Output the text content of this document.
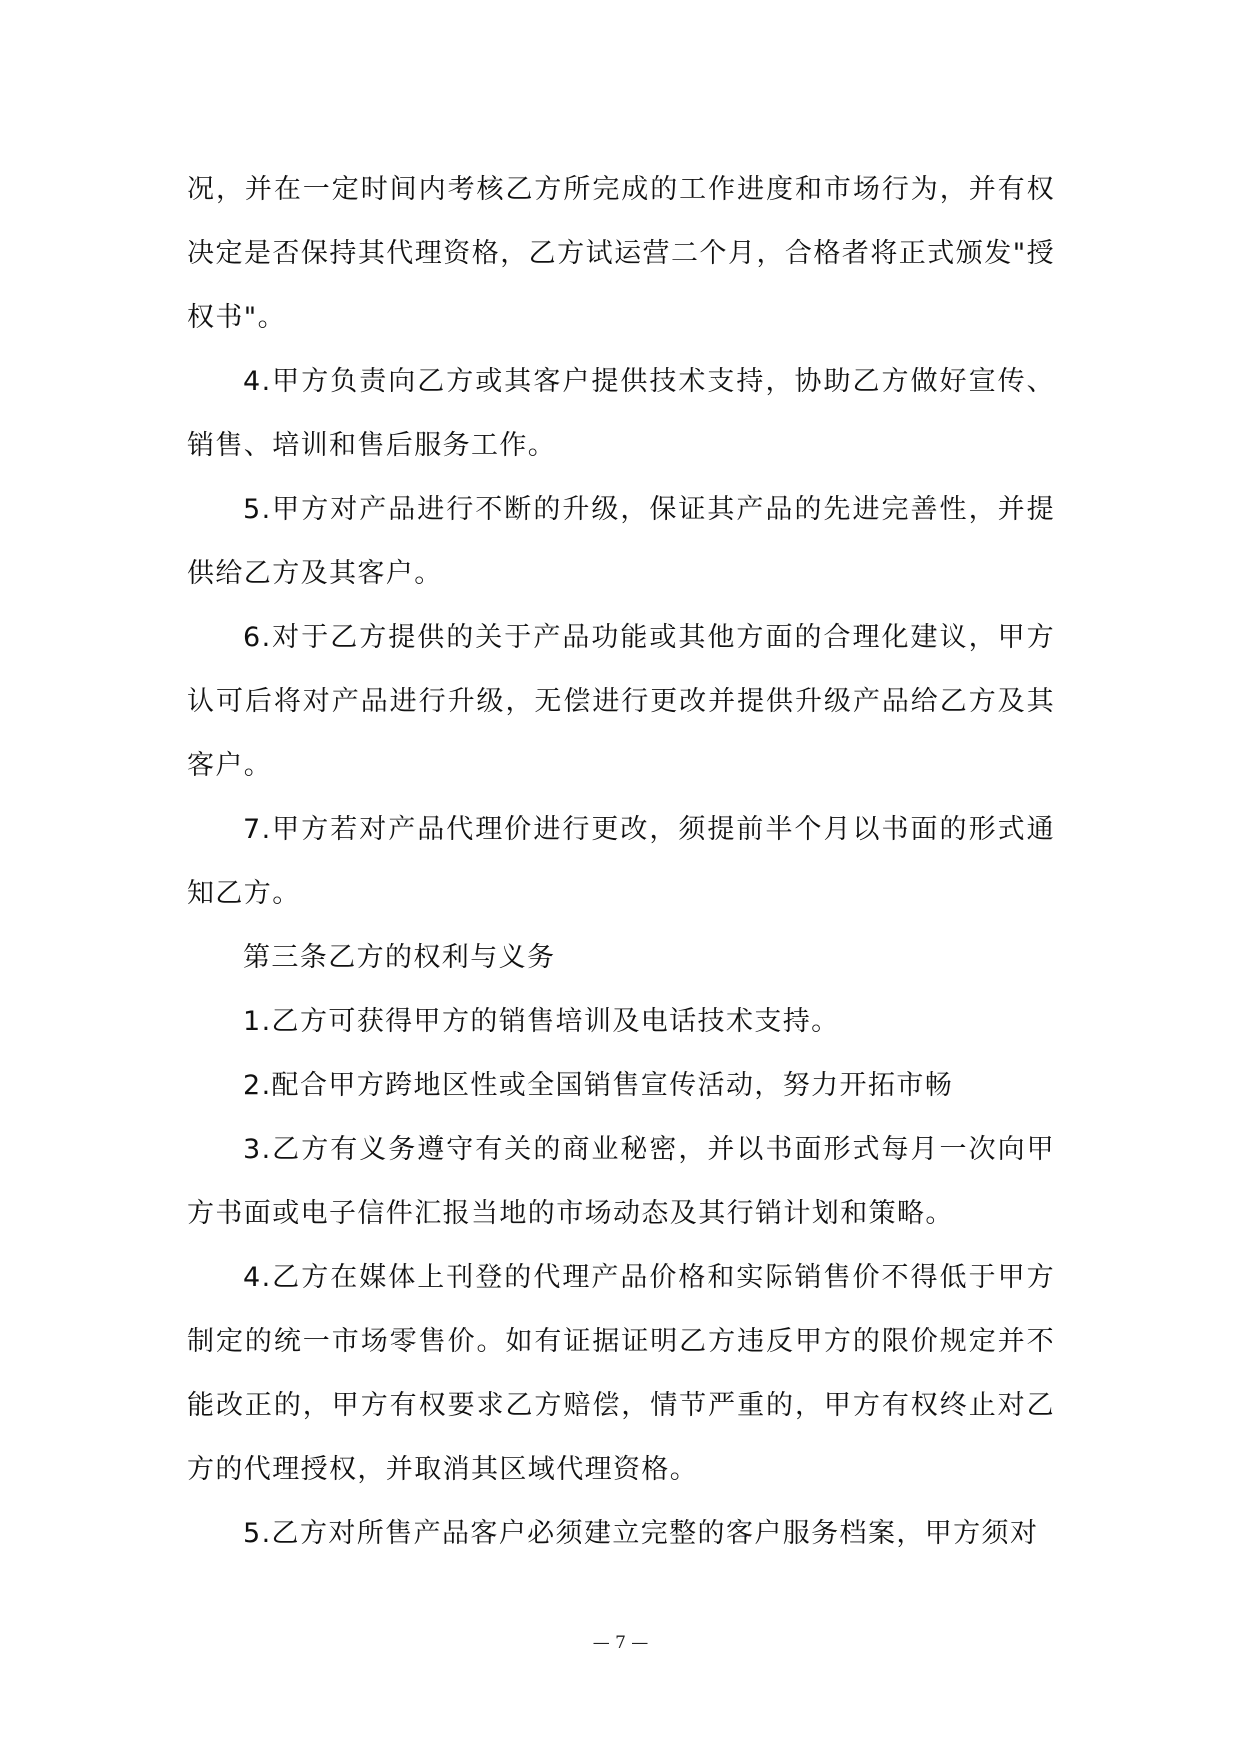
况，并在一定时间内考核乙方所完成的工作进度和市场行为，并有权决定是否保持其代理资格，乙方试运营二个月，合格者将正式颁发"授权书"。

4.甲方负责向乙方或其客户提供技术支持，协助乙方做好宣传、销售、培训和售后服务工作。

5.甲方对产品进行不断的升级，保证其产品的先进完善性，并提供给乙方及其客户。

6.对于乙方提供的关于产品功能或其他方面的合理化建议，甲方认可后将对产品进行升级，无偿进行更改并提供升级产品给乙方及其客户。

7.甲方若对产品代理价进行更改，须提前半个月以书面的形式通知乙方。

第三条乙方的权利与义务

1.乙方可获得甲方的销售培训及电话技术支持。

2.配合甲方跨地区性或全国销售宣传活动，努力开拓市畅

3.乙方有义务遵守有关的商业秘密，并以书面形式每月一次向甲方书面或电子信件汇报当地的市场动态及其行销计划和策略。

4.乙方在媒体上刊登的代理产品价格和实际销售价不得低于甲方制定的统一市场零售价。如有证据证明乙方违反甲方的限价规定并不能改正的，甲方有权要求乙方赔偿，情节严重的，甲方有权终止对乙方的代理授权，并取消其区域代理资格。

5.乙方对所售产品客户必须建立完整的客户服务档案，甲方须对

— 7 —
